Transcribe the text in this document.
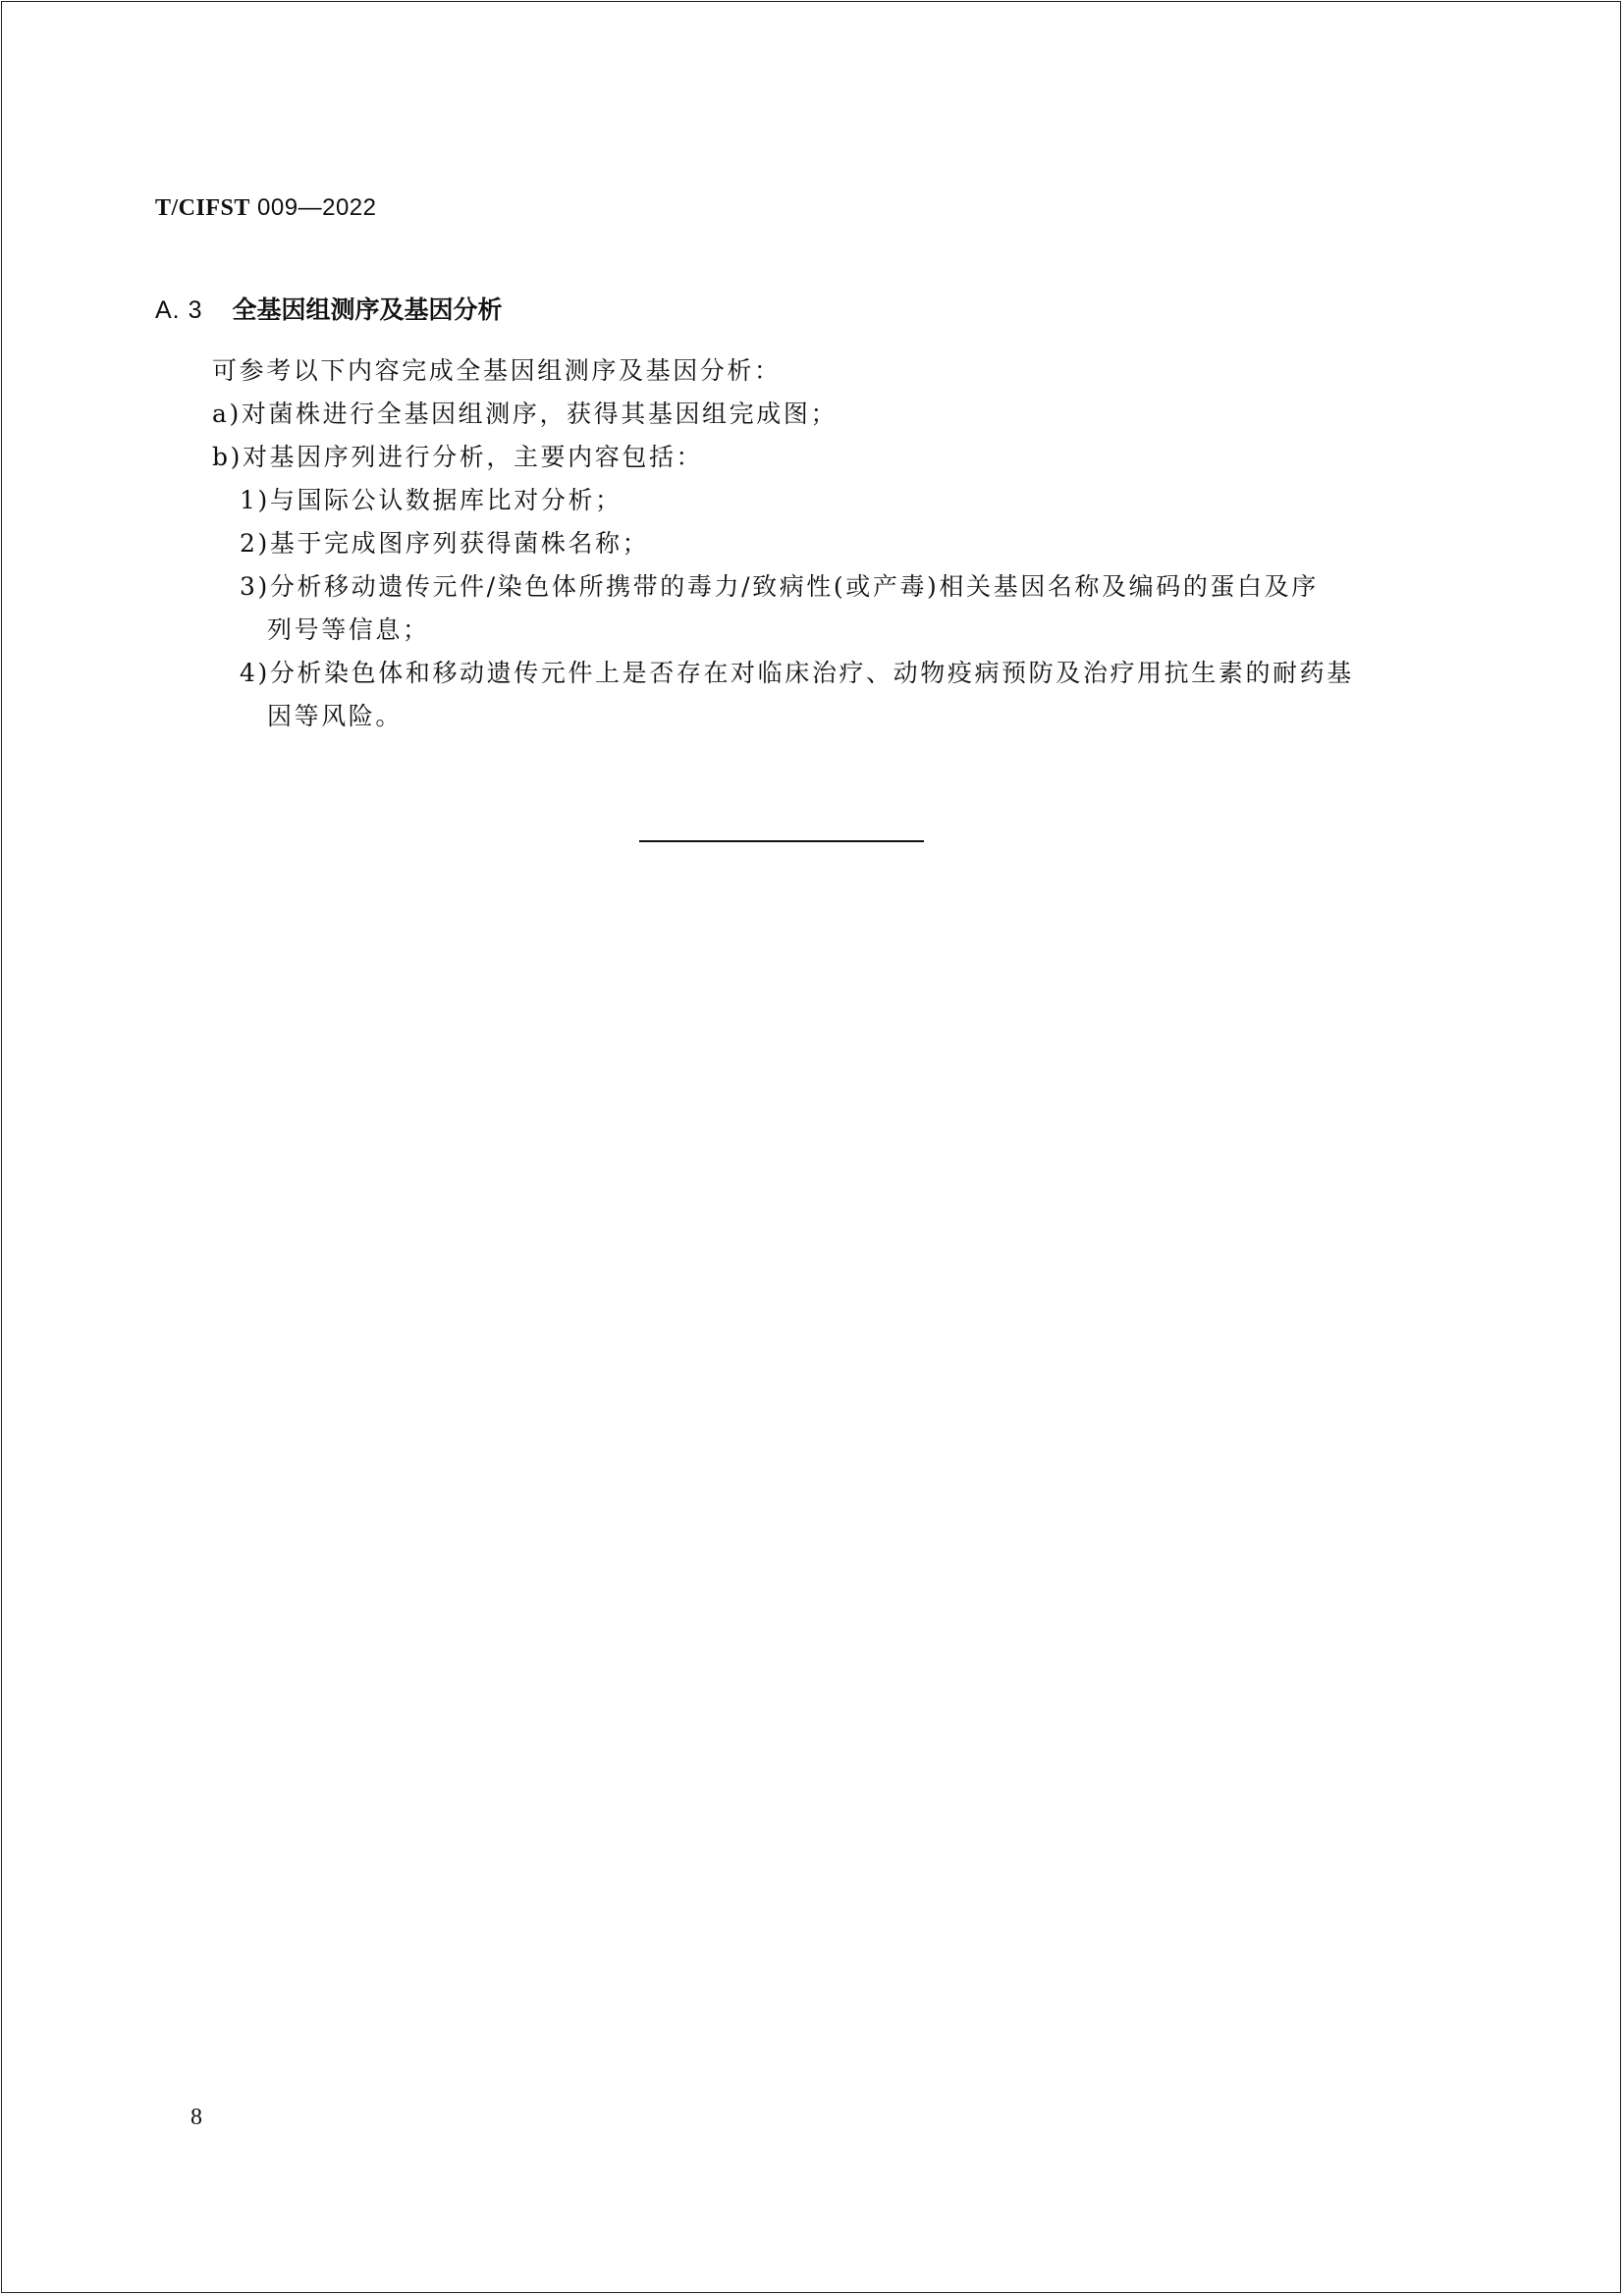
T/CIFST 009—2022
A. 3 全基因组测序及基因分析
可参考以下内容完成全基因组测序及基因分析：
a)对菌株进行全基因组测序，获得其基因组完成图；
b)对基因序列进行分析，主要内容包括：
1)与国际公认数据库比对分析；
2)基于完成图序列获得菌株名称；
3)分析移动遗传元件/染色体所携带的毒力/致病性(或产毒)相关基因名称及编码的蛋白及序
列号等信息；
4)分析染色体和移动遗传元件上是否存在对临床治疗、动物疫病预防及治疗用抗生素的耐药基
因等风险。
8
